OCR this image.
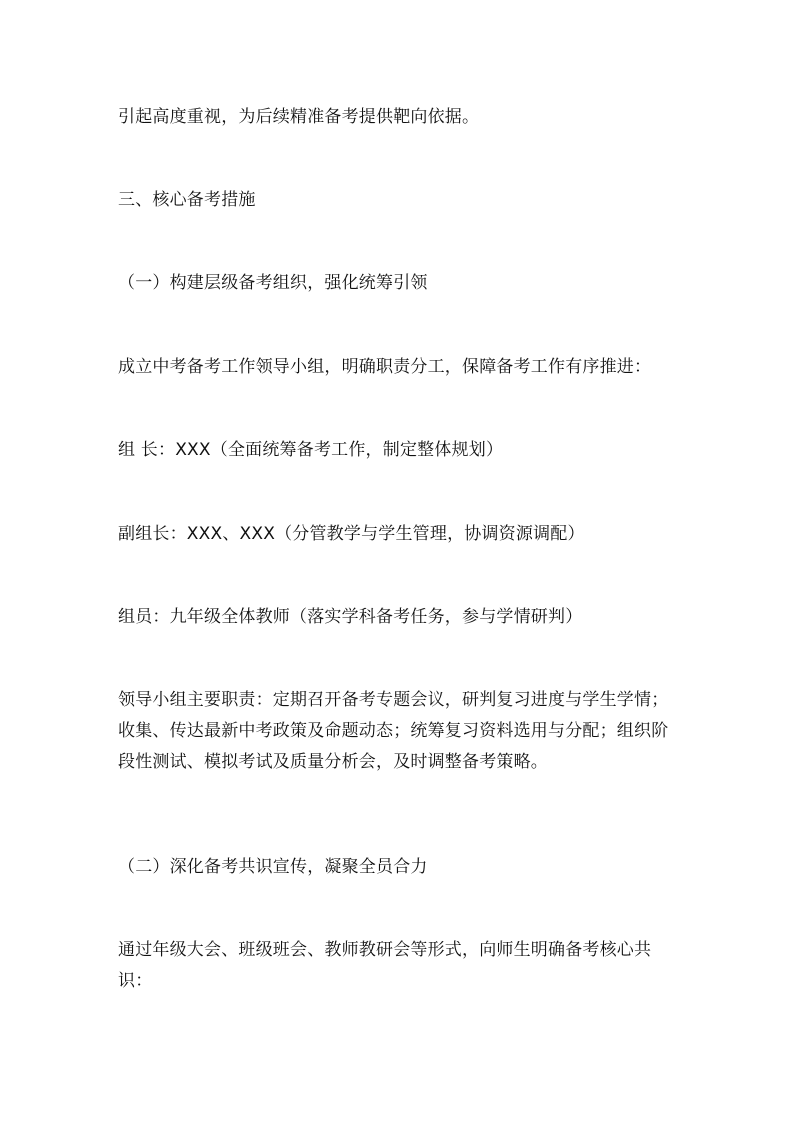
引起高度重视，为后续精准备考提供靶向依据。

三、核心备考措施

（一）构建层级备考组织，强化统筹引领

成立中考备考工作领导小组，明确职责分工，保障备考工作有序推进：

组 长：XXX（全面统筹备考工作，制定整体规划）

副组长：XXX、XXX（分管教学与学生管理，协调资源调配）

组员：九年级全体教师（落实学科备考任务，参与学情研判）

领导小组主要职责：定期召开备考专题会议，研判复习进度与学生学情；收集、传达最新中考政策及命题动态；统筹复习资料选用与分配；组织阶段性测试、模拟考试及质量分析会，及时调整备考策略。

（二）深化备考共识宣传，凝聚全员合力

通过年级大会、班级班会、教师教研会等形式，向师生明确备考核心共识：
